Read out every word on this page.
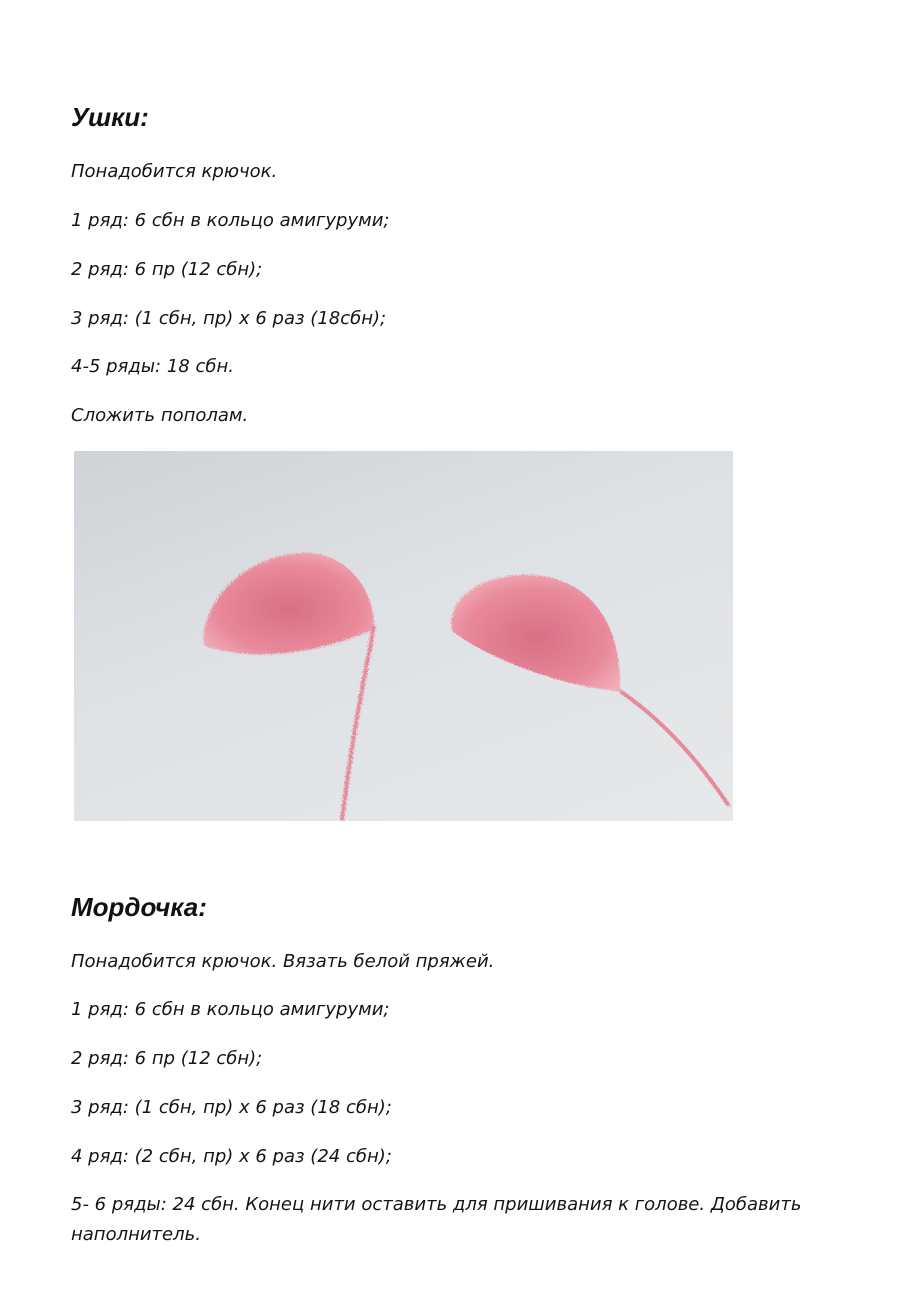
Ушки:

Понадобится крючок.

1 ряд: 6 сбн в кольцо амигуруми;

2 ряд: 6 пр (12 сбн);

3 ряд: (1 сбн, пр) х 6 раз (18сбн);

4-5 ряды: 18 сбн.

Сложить пополам.

Мордочка:

Понадобится крючок. Вязать белой пряжей.

1 ряд: 6 сбн в кольцо амигуруми;

2 ряд: 6 пр (12 сбн);

3 ряд: (1 сбн, пр) х 6 раз (18 сбн);

4 ряд: (2 сбн, пр) х 6 раз (24 сбн);

5- 6 ряды: 24 сбн. Конец нити оставить для пришивания к голове. Добавить наполнитель.
